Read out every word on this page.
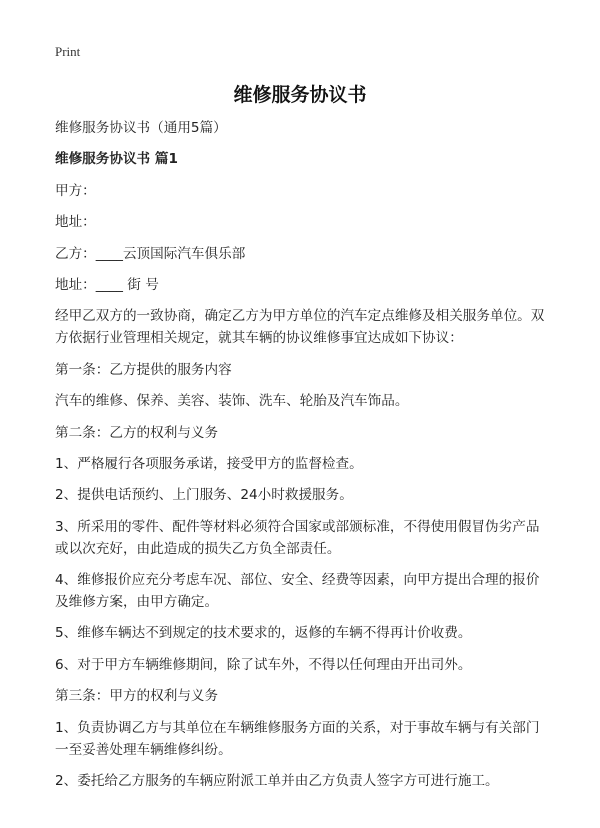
Print
维修服务协议书

维修服务协议书（通用5篇）

维修服务协议书 篇1

甲方：

地址：

乙方：____云顶国际汽车俱乐部

地址：____ 街 号

经甲乙双方的一致协商，确定乙方为甲方单位的汽车定点维修及相关服务单位。双方依据行业管理相关规定，就其车辆的协议维修事宜达成如下协议：

第一条：乙方提供的服务内容

汽车的维修、保养、美容、装饰、洗车、轮胎及汽车饰品。

第二条：乙方的权利与义务

1、严格履行各项服务承诺，接受甲方的监督检查。

2、提供电话预约、上门服务、24小时救援服务。

3、所采用的零件、配件等材料必须符合国家或部颁标准，不得使用假冒伪劣产品或以次充好，由此造成的损失乙方负全部责任。

4、维修报价应充分考虑车况、部位、安全、经费等因素，向甲方提出合理的报价及维修方案，由甲方确定。

5、维修车辆达不到规定的技术要求的，返修的车辆不得再计价收费。

6、对于甲方车辆维修期间，除了试车外，不得以任何理由开出司外。

第三条：甲方的权利与义务

1、负责协调乙方与其单位在车辆维修服务方面的关系，对于事故车辆与有关部门一至妥善处理车辆维修纠纷。

2、委托给乙方服务的车辆应附派工单并由乙方负责人签字方可进行施工。
